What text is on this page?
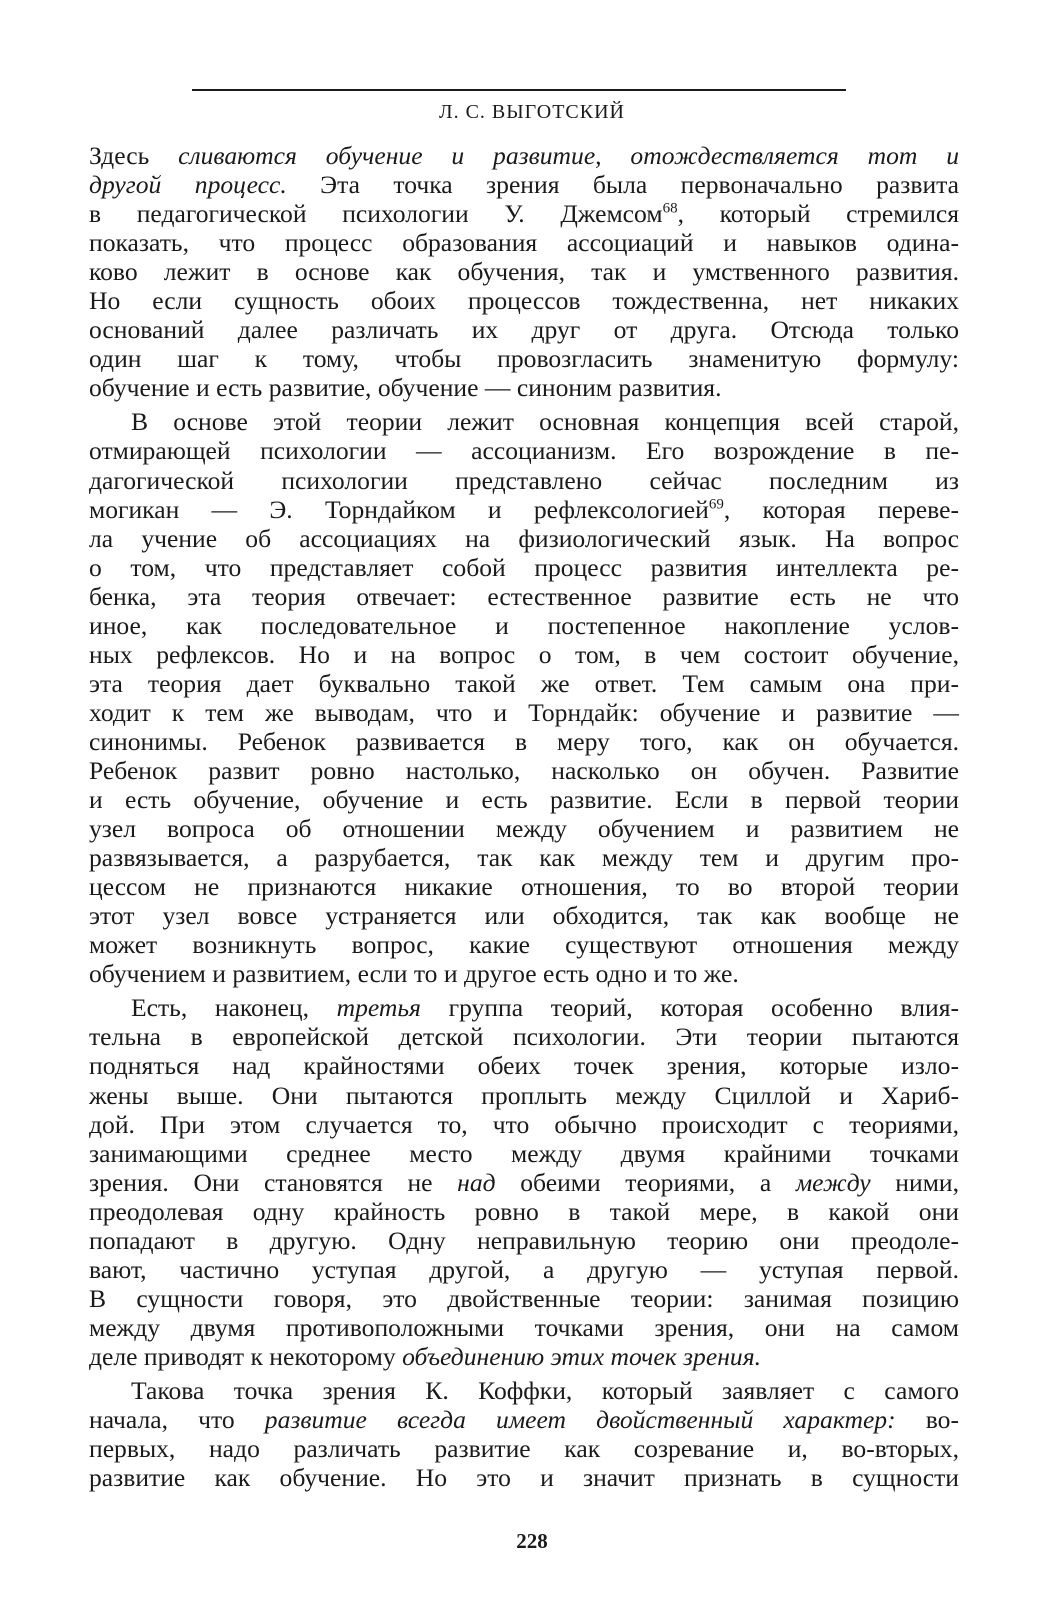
Л. С. ВЫГОТСКИЙ
Здесь сливаются обучение и развитие, отождествляется тот и
другой процесс. Эта точка зрения была первоначально развита
в педагогической психологии У. Джемсом$^{68}$, который стремился
показать, что процесс образования ассоциаций и навыков одина-
ково лежит в основе как обучения, так и умственного развития.
Но если сущность обоих процессов тождественна, нет никаких
оснований далее различать их друг от друга. Отсюда только
один шаг к тому, чтобы провозгласить знаменитую формулу:
обучение и есть развитие, обучение — синоним развития.
В основе этой теории лежит основная концепция всей старой,
отмирающей психологии — ассоцианизм. Его возрождение в пе-
дагогической психологии представлено сейчас последним из
могикан — Э. Торндайком и рефлексологией$^{69}$, которая переве-
ла учение об ассоциациях на физиологический язык. На вопрос
о том, что представляет собой процесс развития интеллекта ре-
бенка, эта теория отвечает: естественное развитие есть не что
иное, как последовательное и постепенное накопление услов-
ных рефлексов. Но и на вопрос о том, в чем состоит обучение,
эта теория дает буквально такой же ответ. Тем самым она при-
ходит к тем же выводам, что и Торндайк: обучение и развитие —
синонимы. Ребенок развивается в меру того, как он обучается.
Ребенок развит ровно настолько, насколько он обучен. Развитие
и есть обучение, обучение и есть развитие. Если в первой теории
узел вопроса об отношении между обучением и развитием не
развязывается, а разрубается, так как между тем и другим про-
цессом не признаются никакие отношения, то во второй теории
этот узел вовсе устраняется или обходится, так как вообще не
может возникнуть вопрос, какие существуют отношения между
обучением и развитием, если то и другое есть одно и то же.
Есть, наконец, третья группа теорий, которая особенно влия-
тельна в европейской детской психологии. Эти теории пытаются
подняться над крайностями обеих точек зрения, которые изло-
жены выше. Они пытаются проплыть между Сциллой и Хариб-
дой. При этом случается то, что обычно происходит с теориями,
занимающими среднее место между двумя крайними точками
зрения. Они становятся не над обеими теориями, а между ними,
преодолевая одну крайность ровно в такой мере, в какой они
попадают в другую. Одну неправильную теорию они преодоле-
вают, частично уступая другой, а другую — уступая первой.
В сущности говоря, это двойственные теории: занимая позицию
между двумя противоположными точками зрения, они на самом
деле приводят к некоторому объединению этих точек зрения.
Такова точка зрения К. Коффки, который заявляет с самого
начала, что развитие всегда имеет двойственный характер: во-
первых, надо различать развитие как созревание и, во-вторых,
развитие как обучение. Но это и значит признать в сущности
228
